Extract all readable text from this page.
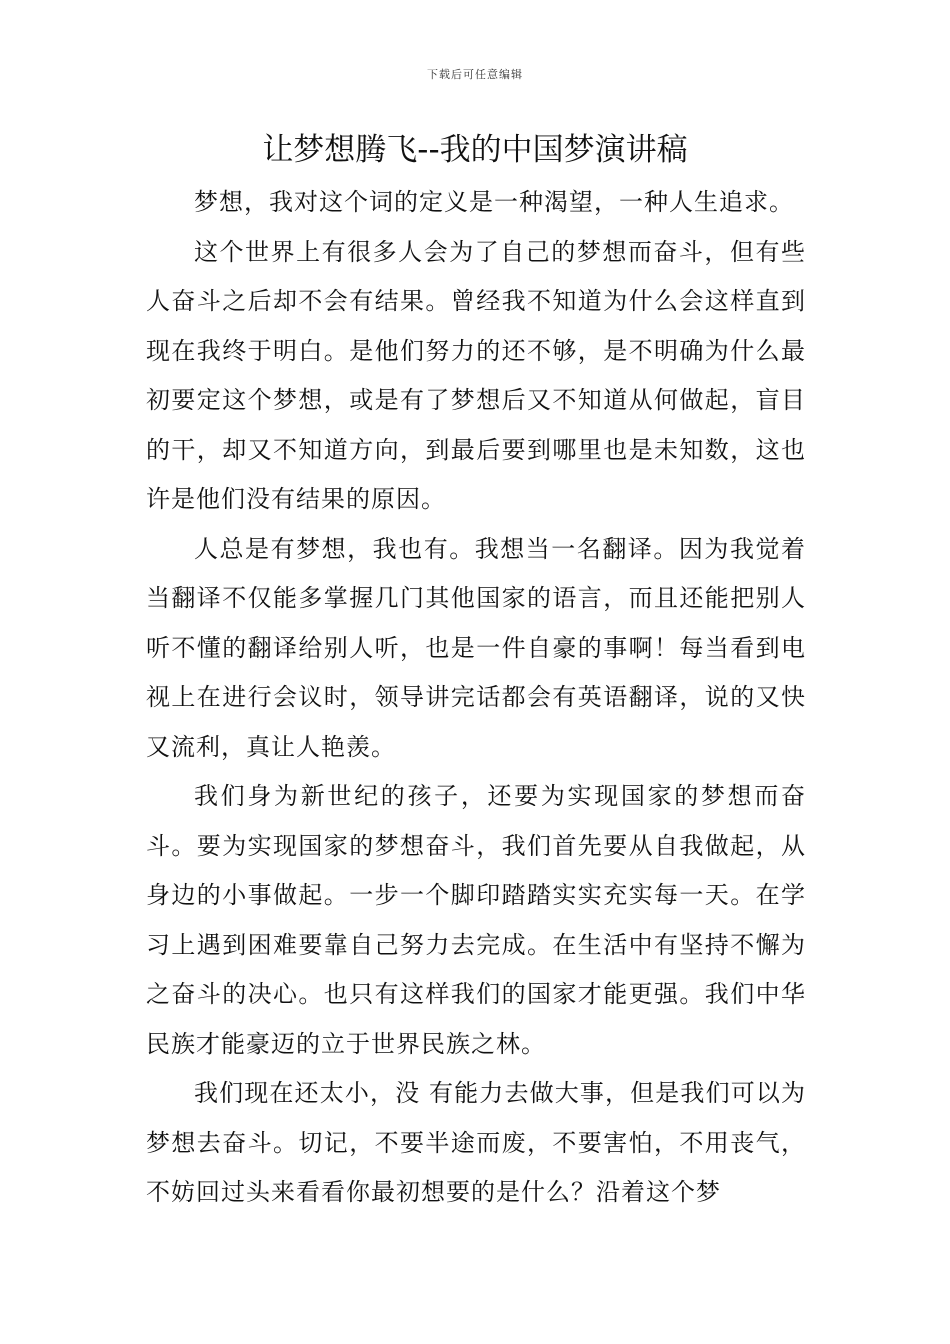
下载后可任意编辑
让梦想腾飞--我的中国梦演讲稿

梦想，我对这个词的定义是一种渴望，一种人生追求。

这个世界上有很多人会为了自己的梦想而奋斗，但有些人奋斗之后却不会有结果。曾经我不知道为什么会这样直到现在我终于明白。是他们努力的还不够，是不明确为什么最初要定这个梦想，或是有了梦想后又不知道从何做起，盲目的干，却又不知道方向，到最后要到哪里也是未知数，这也许是他们没有结果的原因。

人总是有梦想，我也有。我想当一名翻译。因为我觉着当翻译不仅能多掌握几门其他国家的语言，而且还能把别人听不懂的翻译给别人听，也是一件自豪的事啊！每当看到电视上在进行会议时，领导讲完话都会有英语翻译，说的又快又流利，真让人艳羡。

我们身为新世纪的孩子，还要为实现国家的梦想而奋斗。要为实现国家的梦想奋斗，我们首先要从自我做起，从身边的小事做起。一步一个脚印踏踏实实充实每一天。在学习上遇到困难要靠自己努力去完成。在生活中有坚持不懈为之奋斗的决心。也只有这样我们的国家才能更强。我们中华民族才能豪迈的立于世界民族之林。

我们现在还太小，没 有能力去做大事，但是我们可以为梦想去奋斗。切记，不要半途而废，不要害怕，不用丧气，不妨回过头来看看你最初想要的是什么？沿着这个梦
